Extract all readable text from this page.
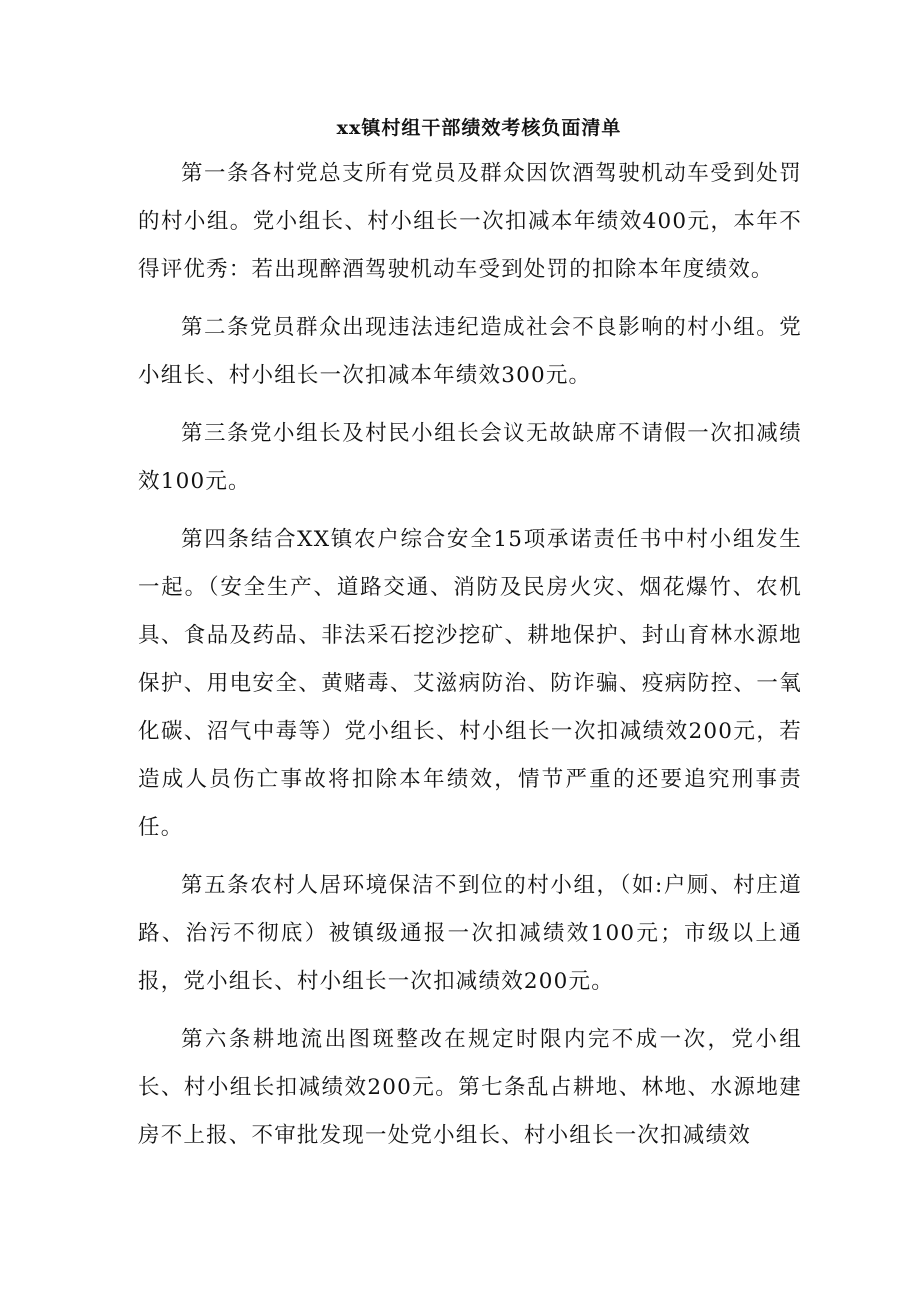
xx镇村组干部绩效考核负面清单

第一条各村党总支所有党员及群众因饮酒驾驶机动车受到处罚的村小组。党小组长、村小组长一次扣减本年绩效400元，本年不得评优秀：若出现醉酒驾驶机动车受到处罚的扣除本年度绩效。

第二条党员群众出现违法违纪造成社会不良影响的村小组。党小组长、村小组长一次扣减本年绩效300元。

第三条党小组长及村民小组长会议无故缺席不请假一次扣减绩效100元。

第四条结合XX镇农户综合安全15项承诺责任书中村小组发生一起。（安全生产、道路交通、消防及民房火灾、烟花爆竹、农机具、食品及药品、非法采石挖沙挖矿、耕地保护、封山育林水源地保护、用电安全、黄赌毒、艾滋病防治、防诈骗、疫病防控、一氧化碳、沼气中毒等）党小组长、村小组长一次扣减绩效200元，若造成人员伤亡事故将扣除本年绩效，情节严重的还要追究刑事责任。

第五条农村人居环境保洁不到位的村小组，（如:户厕、村庄道路、治污不彻底）被镇级通报一次扣减绩效100元；市级以上通报，党小组长、村小组长一次扣减绩效200元。

第六条耕地流出图斑整改在规定时限内完不成一次，党小组长、村小组长扣减绩效200元。第七条乱占耕地、林地、水源地建房不上报、不审批发现一处党小组长、村小组长一次扣减绩效
